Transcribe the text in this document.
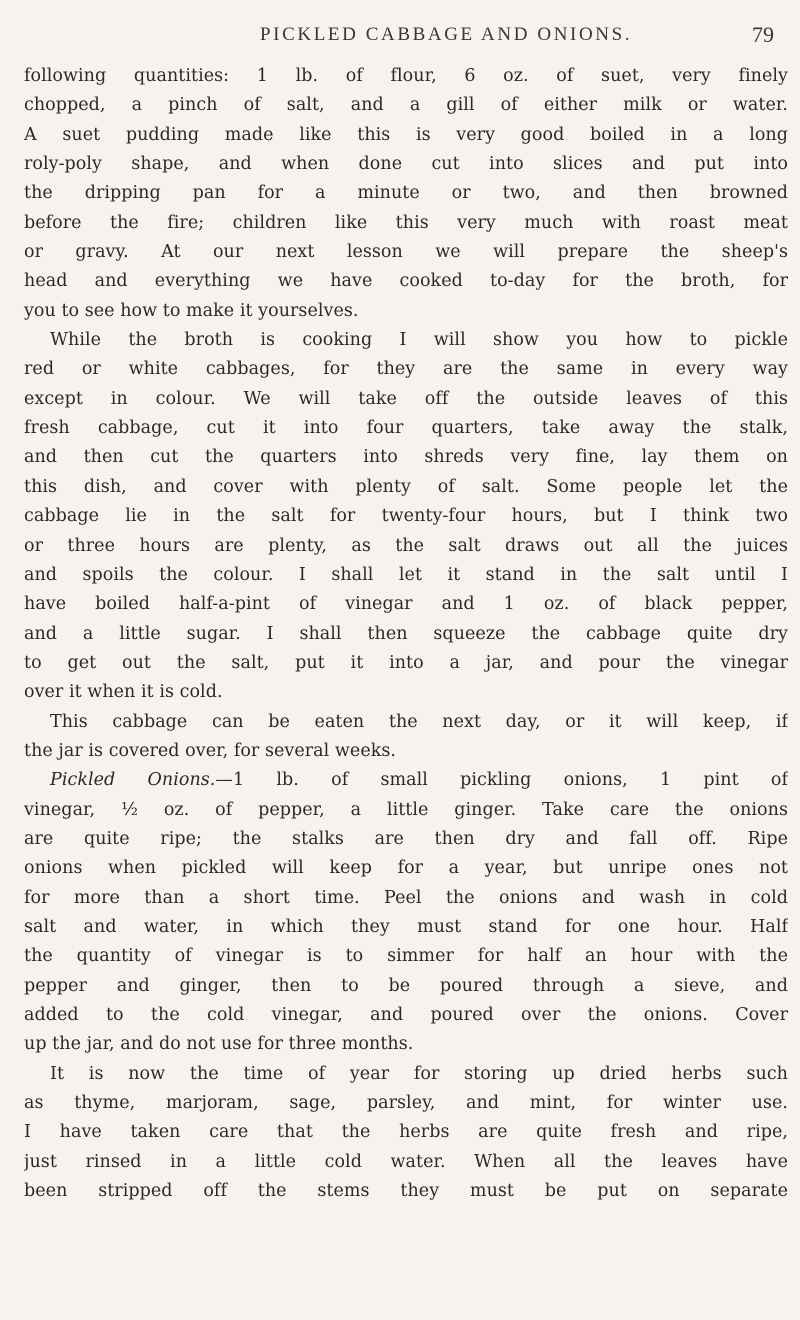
PICKLED CABBAGE AND ONIONS.	79
following quantities: 1 lb. of flour, 6 oz. of suet, very finely
chopped, a pinch of salt, and a gill of either milk or water.
A suet pudding made like this is very good boiled in a long
roly-poly shape, and when done cut into slices and put into
the dripping pan for a minute or two, and then browned
before the fire; children like this very much with roast meat
or gravy. At our next lesson we will prepare the sheep's
head and everything we have cooked to-day for the broth, for
you to see how to make it yourselves.
While the broth is cooking I will show you how to pickle
red or white cabbages, for they are the same in every way
except in colour. We will take off the outside leaves of this
fresh cabbage, cut it into four quarters, take away the stalk,
and then cut the quarters into shreds very fine, lay them on
this dish, and cover with plenty of salt. Some people let the
cabbage lie in the salt for twenty-four hours, but I think two
or three hours are plenty, as the salt draws out all the juices
and spoils the colour. I shall let it stand in the salt until I
have boiled half-a-pint of vinegar and 1 oz. of black pepper,
and a little sugar. I shall then squeeze the cabbage quite dry
to get out the salt, put it into a jar, and pour the vinegar
over it when it is cold.
This cabbage can be eaten the next day, or it will keep, if
the jar is covered over, for several weeks.
Pickled Onions.—1 lb. of small pickling onions, 1 pint of
vinegar, ½ oz. of pepper, a little ginger. Take care the onions
are quite ripe; the stalks are then dry and fall off. Ripe
onions when pickled will keep for a year, but unripe ones not
for more than a short time. Peel the onions and wash in cold
salt and water, in which they must stand for one hour. Half
the quantity of vinegar is to simmer for half an hour with the
pepper and ginger, then to be poured through a sieve, and
added to the cold vinegar, and poured over the onions. Cover
up the jar, and do not use for three months.
It is now the time of year for storing up dried herbs such
as thyme, marjoram, sage, parsley, and mint, for winter use.
I have taken care that the herbs are quite fresh and ripe,
just rinsed in a little cold water. When all the leaves have
been stripped off the stems they must be put on separate
